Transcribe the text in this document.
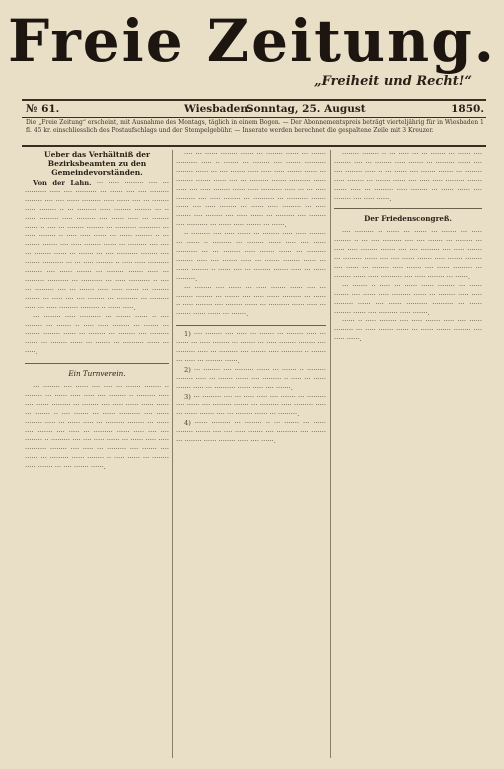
Freie Zeitung.
„Freiheit und Recht!“
№ 61.	Wiesbaden.
Sonntag, 25. August	1850.
Die „Freie Zeitung“ erscheint, mit Ausnahme des Montags, täglich in einem Bogen. — Der Abonnementspreis beträgt vierteljährig für in Wiesbaden 1 fl. 45 kr. einschliesslich des Postaufschlags und der Stempelgebühr. — Inserate werden berechnet die gespaltene Zeile mit 3 Kreuzer.
Ueber das Verhältniß der Bezirksbeamten zu den Gemeindevorständen.

Von der Lahn. ··· ····· ········· ···· ··· ·········· ····· ···· ·········· ··· ······ ···· ···· ········· ········ ···· ···· ······ ········· ····· ······ ···· ··· ········ ····· ········ ·· ··· ········· ····· ········ ········ ··· ·· ····· ········· ····· ········· ···· ······ ····· ··· ········ ······ ·· ···· ··· ········ ········ ··· ·········· ·········· ··· ····· ········ ·· ····· ····· ······ ··· ······ ········ ·· ··· ······· ······· ···· ····· ········ ······ ··· ········· ···· ···· ··· ········ ······ ··· ······· ··· ···· ·········· ········ ···· ······· ·········· ··· ··· ····· ········ ·· ····· ····· ·········· ········ ···· ······ ······· ··· ········ ······· ····· ··· ········· ·········· ··· ·········· ··· ····· ·········· ·· ···· ··· ········· ···· ··· ······· ····· ····· ······ ··· ········ ······· ··· ····· ···· ···· ········ ··· ·········· ··· ········· ····· ··· ····· ········· ········· ·· ······ ·····.

··· ········ ····· ·········· ··· ······· ······ ·· ···· ········ ··· ······· ·· ····· ····· ········ ··· ······· ··· ······· ········ ······ ··· ········ ··· ········ ···· ········· ······ ··· ········ ······ ··· ······· ··· ·········· ······ ··· ·····.

Ein Turnverein.

··· ········ ···· ······ ···· ···· ··· ······· ········ ·· ········ ··· ······ ····· ····· ···· ········ ·· ········· ····· ···· ······ ········· ··· ········ ···· ····· ······ ······ ······ ··· ······· ·· ···· ······· ··· ······ ·········· ···· ······ ········ ····· ··· ······ ····· ··· ········· ········ ··· ······ ···· ······· ···· ····· ··· ········· ······ ····· ···· ···· ········ ·· ········· ···· ···· ····· ······ ··· ······ ····· ····· ·········· ········ ···· ····· ··· ········· ···· ······· ···· ······ ··· ········· ······ ········ ·· ····· ······ ··· ········ ····· ······· ··· ···· ······· ······.

···· ··· ······ ········ ······ ··· ········ ······ ··· ······· ·········· ····· ·· ······· ··· ········ ···· ······· ·········· ········ ······ ··· ···· ······· ····· ····· ····· ······· ······ ··· ········ ······· ······ ···· ··· ········· ······· ·········· ······ ····· ···· ····· ········ ······ ····· ·········· ····· ··· ··· ····· ········· ···· ····· ········ ··· ·········· ··· ·········· ······· ······ ···· ····· ········ ··· ······ ····· ········· ··· ····· ······· ···· ········ ···· ····· ······ ··· ········· ···· ········ ···· ·········· ··· ······ ····· ······· ··· ······.

·· ········· ···· ····· ······ ··· ········ ····· ····· ········ ··· ······ ·· ········· ··· ········ ······ ····· ···· ······ ·········· ··· ··· ········ ····· ······· ······ ··· ········· ········ ····· ···· ······· ····· ··· ······· ········ ······ ··· ······ ········ ·· ······ ···· ··· ········ ······· ····· ··· ······ ·········.

··· ········ ···· ······ ··· ····· ······· ······ ···· ··· ········ ········ ··· ······· ···· ····· ······ ········· ··· ······ ·· ····· ········ ···· ········ ······ ··· ·········· ······ ····· ··· ······· ······ ······ ··· ·······.

1) ···· ········ ···· ····· ··· ······· ··· ········ ····· ··· ······ ··· ····· ········ ··· ······· ··· ····· ········ ········ ···· ········· ····· ··· ········· ···· ······· ····· ·········· ·· ······· ··· ····· ··· ········ ······.

2) ··· ········ ···· ········· ······ ··· ······· ·· ········· ········ ····· ··· ······· ······ ···· ········· ·· ····· ··· ······ ······· ····· ··· ·········· ······ ····· ···· ·······.

3) ··· ········· ···· ··· ····· ····· ···· ······· ··· ········· ···· ······ ···· ········· ······· ··· ········· ····· ········· ····· ··· ······ ······· ···· ··· ········ ······ ··· ·········.

4) ······ ········· ··· ········ ·· ··· ······· ··· ······ ········ ······· ···· ···· ····· ······· ···· ·········· ···· ······· ··· ········ ······ ········ ····· ···· ······.

········ ········ ·· ··· ····· ··· ··· ······· ··· ······ ···· ········ ···· ··· ········ ····· ······· ··· ········· ······ ···· ···· ········ ····· ·· ··· ······ ···· ······· ······· ··· ········ ····· ········ ··· ······· ······ ···· ····· ····· ········· ······· ······ ····· ··· ········· ····· ········ ··· ······ ······ ···· ········ ···· ····· ······.

Der Friedenscongreß.

···· ········· ·· ······ ··· ······ ··· ······· ··· ····· ········ ·· ··· ···· ········· ···· ···· ······· ··· ········ ··· ····· ····· ········ ······· ···· ···· ········· ···· ····· ······· ··· ········· ······ ···· ···· ······ ······· ····· ······· ········ ···· ······ ··· ········ ····· ······· ···· ······ ········· ··· ········ ······ ····· ·········· ···· ····· ········ ··· ······.

··· ······· ·· ····· ··· ······ ······ ········ ··· ······ ······· ···· ······ ····· ········· ······ ··· ········ ····· ····· ········· ······ ···· ······ ·········· ·········· ··· ······ ········ ······ ···· ········· ····· ·······.

······ ·· ····· ········ ···· ····· ······· ····· ···· ······ ········· ··· ····· ······· ······ ··· ······ ······· ········ ···· ····· ······.
